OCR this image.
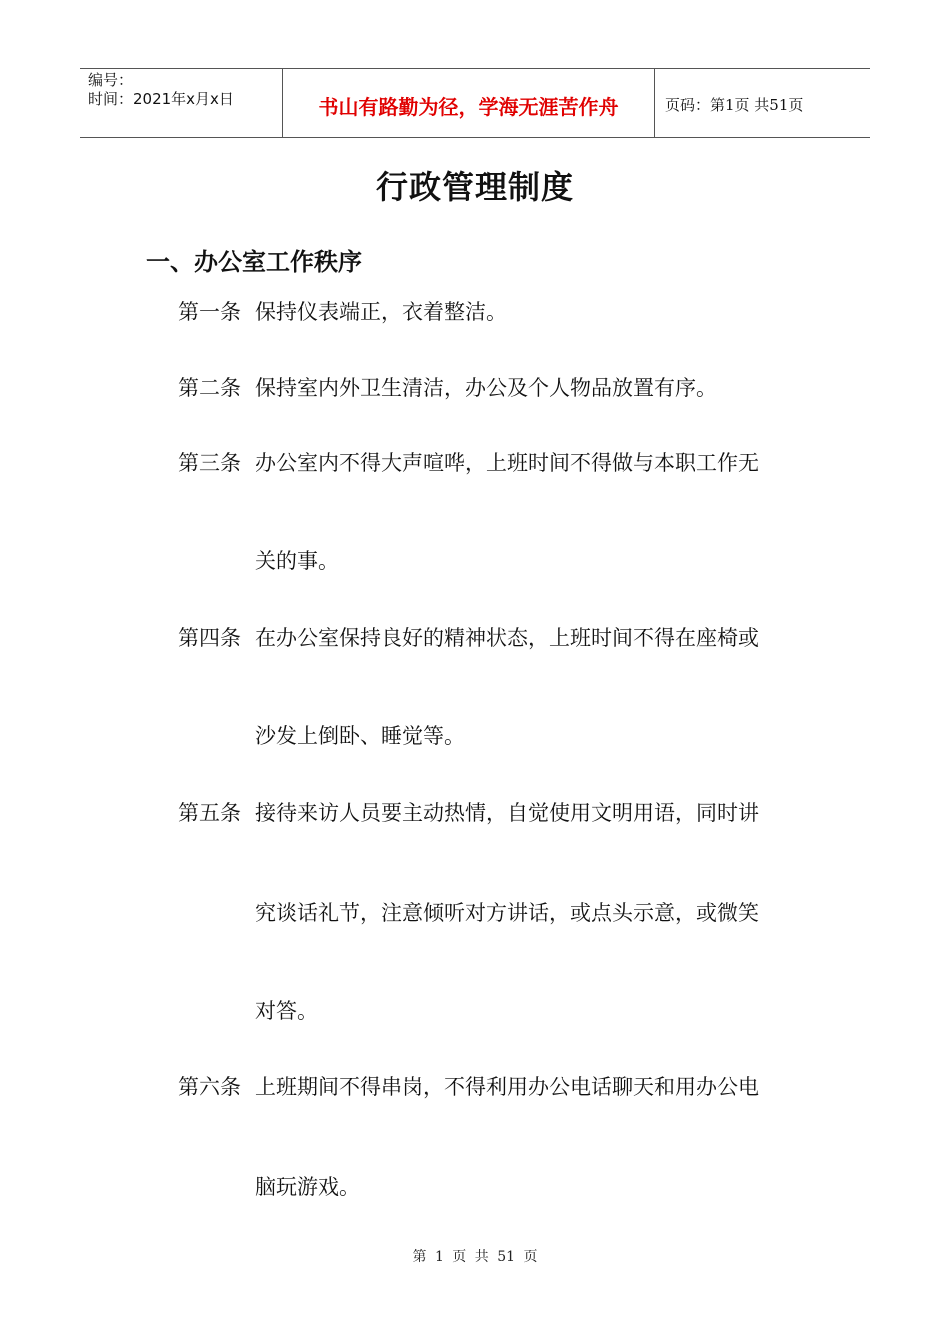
编号：
时间：2021年x月x日	书山有路勤为径，学海无涯苦作舟	页码：第1页 共51页
行政管理制度
一、办公室工作秩序
第一条 保持仪表端正，衣着整洁。
第二条 保持室内外卫生清洁，办公及个人物品放置有序。
第三条 办公室内不得大声喧哗，上班时间不得做与本职工作无
关的事。
第四条 在办公室保持良好的精神状态，上班时间不得在座椅或
沙发上倒卧、睡觉等。
第五条 接待来访人员要主动热情，自觉使用文明用语，同时讲
究谈话礼节，注意倾听对方讲话，或点头示意，或微笑
对答。
第六条 上班期间不得串岗，不得利用办公电话聊天和用办公电
脑玩游戏。
第 1 页 共 51 页
